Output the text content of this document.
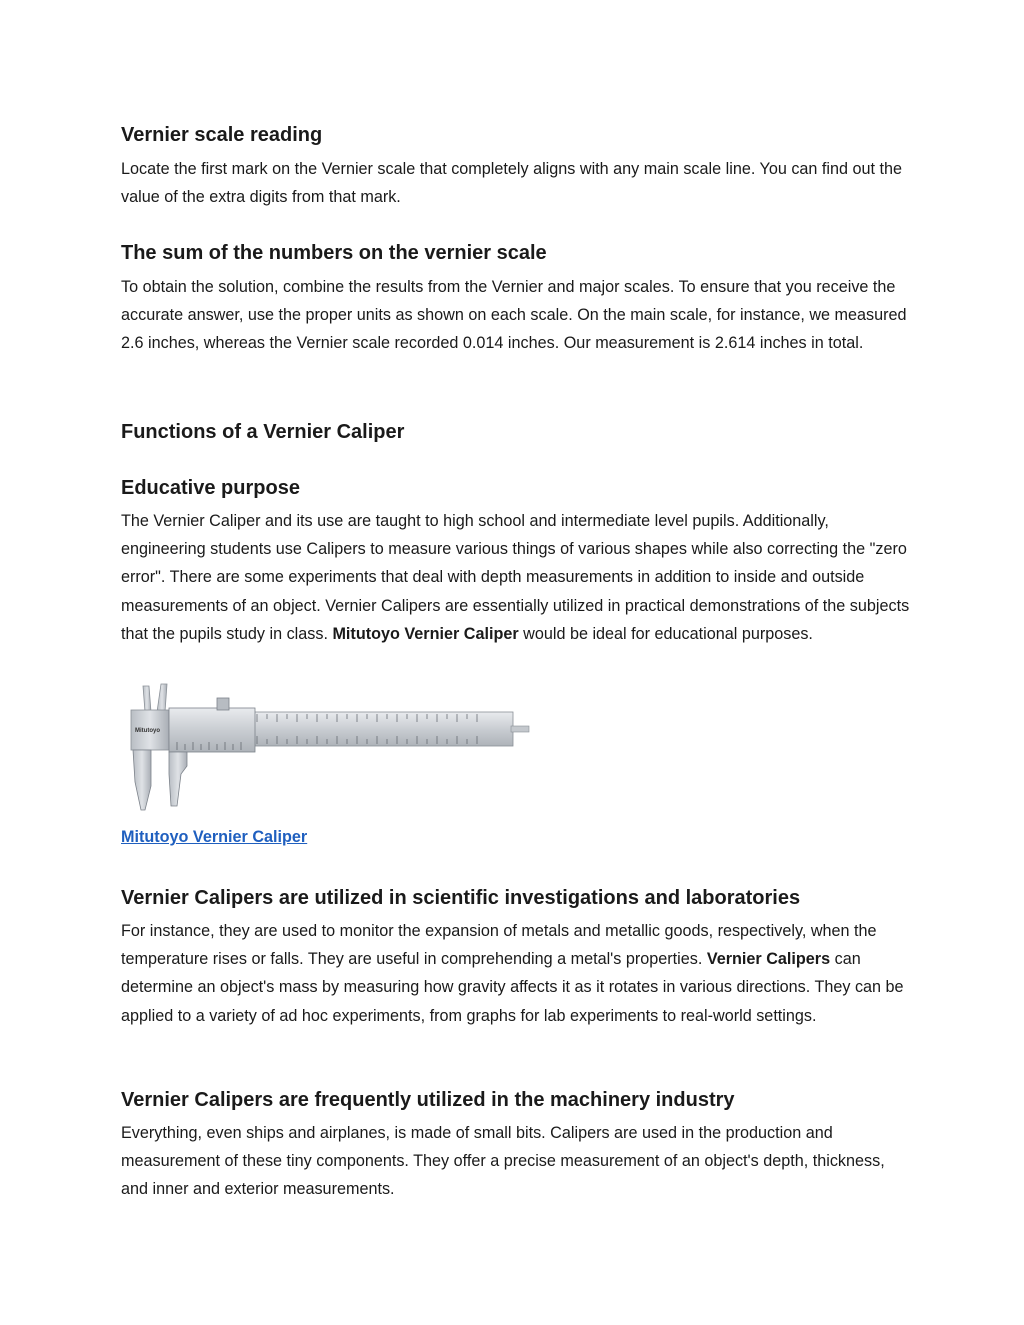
Vernier scale reading

Locate the first mark on the Vernier scale that completely aligns with any main scale line. You can find out the value of the extra digits from that mark.

The sum of the numbers on the vernier scale

To obtain the solution, combine the results from the Vernier and major scales. To ensure that you receive the accurate answer, use the proper units as shown on each scale. On the main scale, for instance, we measured 2.6 inches, whereas the Vernier scale recorded 0.014 inches. Our measurement is 2.614 inches in total.

Functions of a Vernier Caliper
Educative purpose

The Vernier Caliper and its use are taught to high school and intermediate level pupils. Additionally, engineering students use Calipers to measure various things of various shapes while also correcting the "zero error". There are some experiments that deal with depth measurements in addition to inside and outside measurements of an object. Vernier Calipers are essentially utilized in practical demonstrations of the subjects that the pupils study in class. Mitutoyo Vernier Caliper would be ideal for educational purposes.

Mitutoyo
Mitutoyo Vernier Caliper
Vernier Calipers are utilized in scientific investigations and laboratories

For instance, they are used to monitor the expansion of metals and metallic goods, respectively, when the temperature rises or falls. They are useful in comprehending a metal's properties. Vernier Calipers can determine an object's mass by measuring how gravity affects it as it rotates in various directions. They can be applied to a variety of ad hoc experiments, from graphs for lab experiments to real-world settings.

Vernier Calipers are frequently utilized in the machinery industry

Everything, even ships and airplanes, is made of small bits. Calipers are used in the production and measurement of these tiny components. They offer a precise measurement of an object's depth, thickness, and inner and exterior measurements.
